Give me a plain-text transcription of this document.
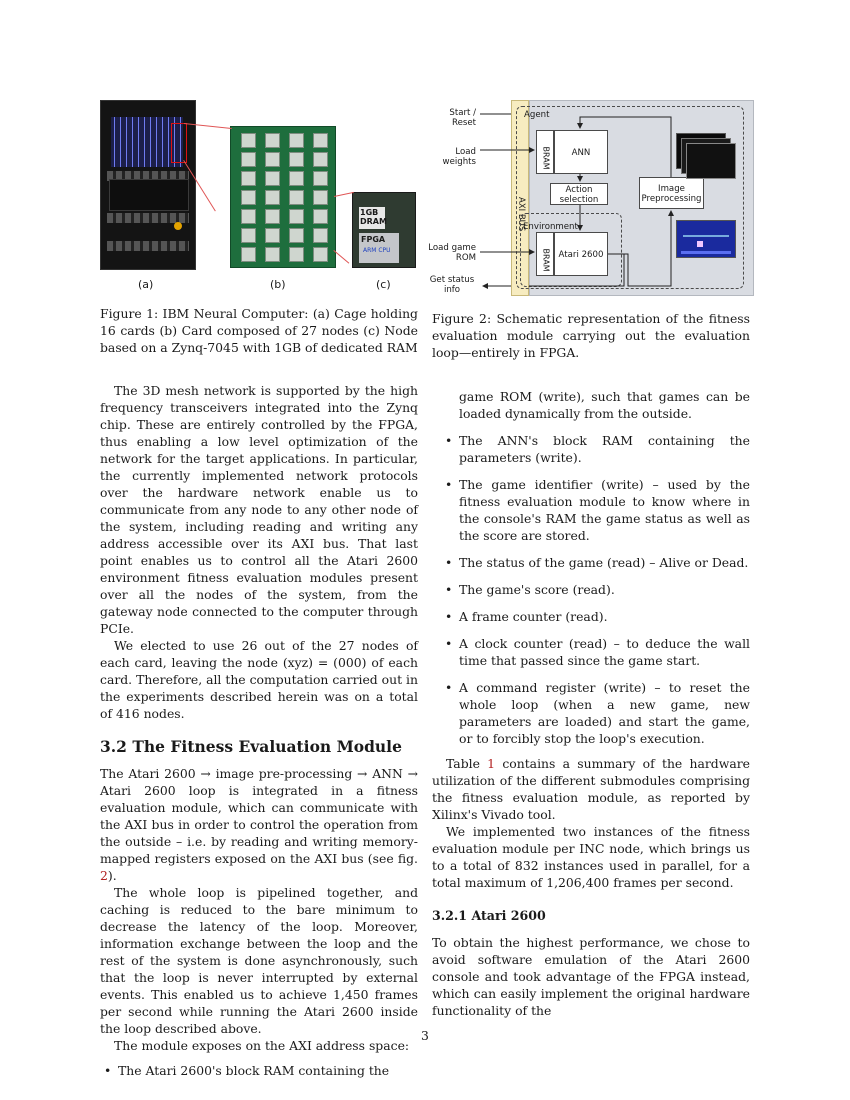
1GB DRAM
FPGA
ARM CPU
(a)	(b)	(c)
Figure 1: IBM Neural Computer: (a) Cage holding 16 cards (b) Card composed of 27 nodes (c) Node based on a Zynq-7045 with 1GB of dedicated RAM
AXI BUS
Agent
Environment
BRAM	ANN
Action selection
Image Preprocessing
BRAM Atari 2600
Start / Reset
Load weights
Load game ROM
Get status info
Figure 2: Schematic representation of the fitness evaluation module carrying out the evaluation loop—entirely in FPGA.

The 3D mesh network is supported by the high frequency transceivers integrated into the Zynq chip. These are entirely controlled by the FPGA, thus enabling a low level optimization of the network for the target applications. In particular, the currently implemented network protocols over the hardware network enable us to communicate from any node to any other node of the system, including reading and writing any address accessible over its AXI bus. That last point enables us to control all the Atari 2600 environment fitness evaluation modules present over all the nodes of the system, from the gateway node connected to the computer through PCIe.

We elected to use 26 out of the 27 nodes of each card, leaving the node (xyz) = (000) of each card. Therefore, all the computation carried out in the experiments described herein was on a total of 416 nodes.

3.2 The Fitness Evaluation Module

The Atari 2600 → image pre-processing → ANN → Atari 2600 loop is integrated in a fitness evaluation module, which can communicate with the AXI bus in order to control the operation from the outside – i.e. by reading and writing memory-mapped registers exposed on the AXI bus (see fig. 2).

The whole loop is pipelined together, and caching is reduced to the bare minimum to decrease the latency of the loop. Moreover, information exchange between the loop and the rest of the system is done asynchronously, such that the loop is never interrupted by external events. This enabled us to achieve 1,450 frames per second while running the Atari 2600 inside the loop described above.

The module exposes on the AXI address space:

• The Atari 2600's block RAM containing the

game ROM (write), such that games can be loaded dynamically from the outside.

• The ANN's block RAM containing the parameters (write).
• The game identifier (write) – used by the fitness evaluation module to know where in the console's RAM the game status as well as the score are stored.
• The status of the game (read) – Alive or Dead.
• The game's score (read).
• A frame counter (read).
• A clock counter (read) – to deduce the wall time that passed since the game start.
• A command register (write) – to reset the whole loop (when a new game, new parameters are loaded) and start the game, or to forcibly stop the loop's execution.

Table 1 contains a summary of the hardware utilization of the different submodules comprising the fitness evaluation module, as reported by Xilinx's Vivado tool.

We implemented two instances of the fitness evaluation module per INC node, which brings us to a total of 832 instances used in parallel, for a total maximum of 1,206,400 frames per second.

3.2.1 Atari 2600

To obtain the highest performance, we chose to avoid software emulation of the Atari 2600 console and took advantage of the FPGA instead, which can easily implement the original hardware functionality of the

3
